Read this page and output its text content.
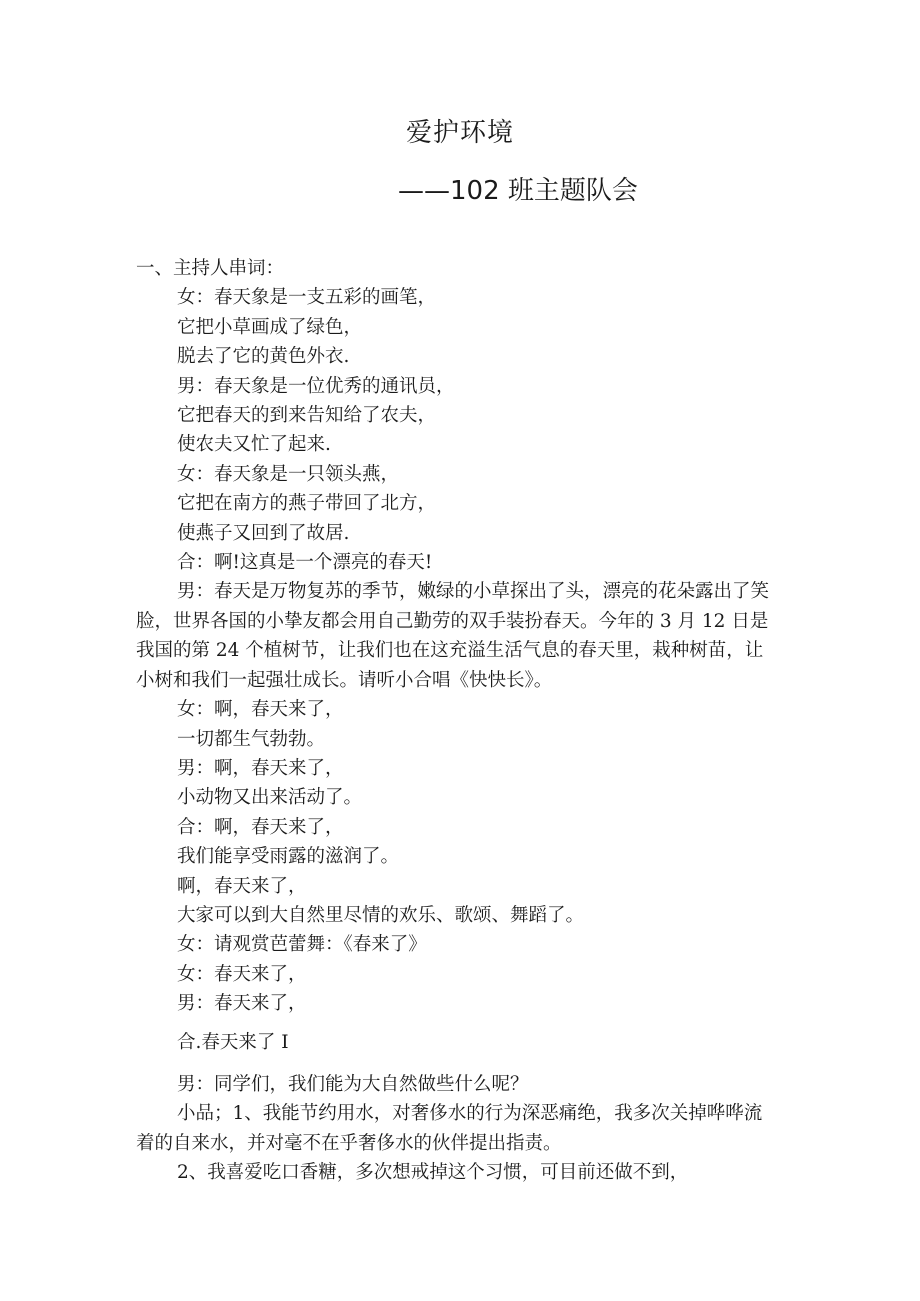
爱护环境
——102 班主题队会

一、主持人串词：

女：春天象是一支五彩的画笔，

它把小草画成了绿色，

脱去了它的黄色外衣.

男：春天象是一位优秀的通讯员，

它把春天的到来告知给了农夫，

使农夫又忙了起来.

女：春天象是一只领头燕，

它把在南方的燕子带回了北方，

使燕子又回到了故居.

合：啊!这真是一个漂亮的春天!

男：春天是万物复苏的季节，嫩绿的小草探出了头，漂亮的花朵露出了笑脸，世界各国的小挚友都会用自己勤劳的双手装扮春天。今年的 3 月 12 日是我国的第 24 个植树节，让我们也在这充溢生活气息的春天里，栽种树苗，让小树和我们一起强壮成长。请听小合唱《快快长》。

女：啊，春天来了，

一切都生气勃勃。

男：啊，春天来了，

小动物又出来活动了。

合：啊，春天来了，

我们能享受雨露的滋润了。

啊，春天来了，

大家可以到大自然里尽情的欢乐、歌颂、舞蹈了。

女：请观赏芭蕾舞：《春来了》

女：春天来了，

男：春天来了，

合.春天来了 I

男：同学们，我们能为大自然做些什么呢？

小品；1、我能节约用水，对奢侈水的行为深恶痛绝，我多次关掉哗哗流着的自来水，并对毫不在乎奢侈水的伙伴提出指责。

2、我喜爱吃口香糖，多次想戒掉这个习惯，可目前还做不到，
